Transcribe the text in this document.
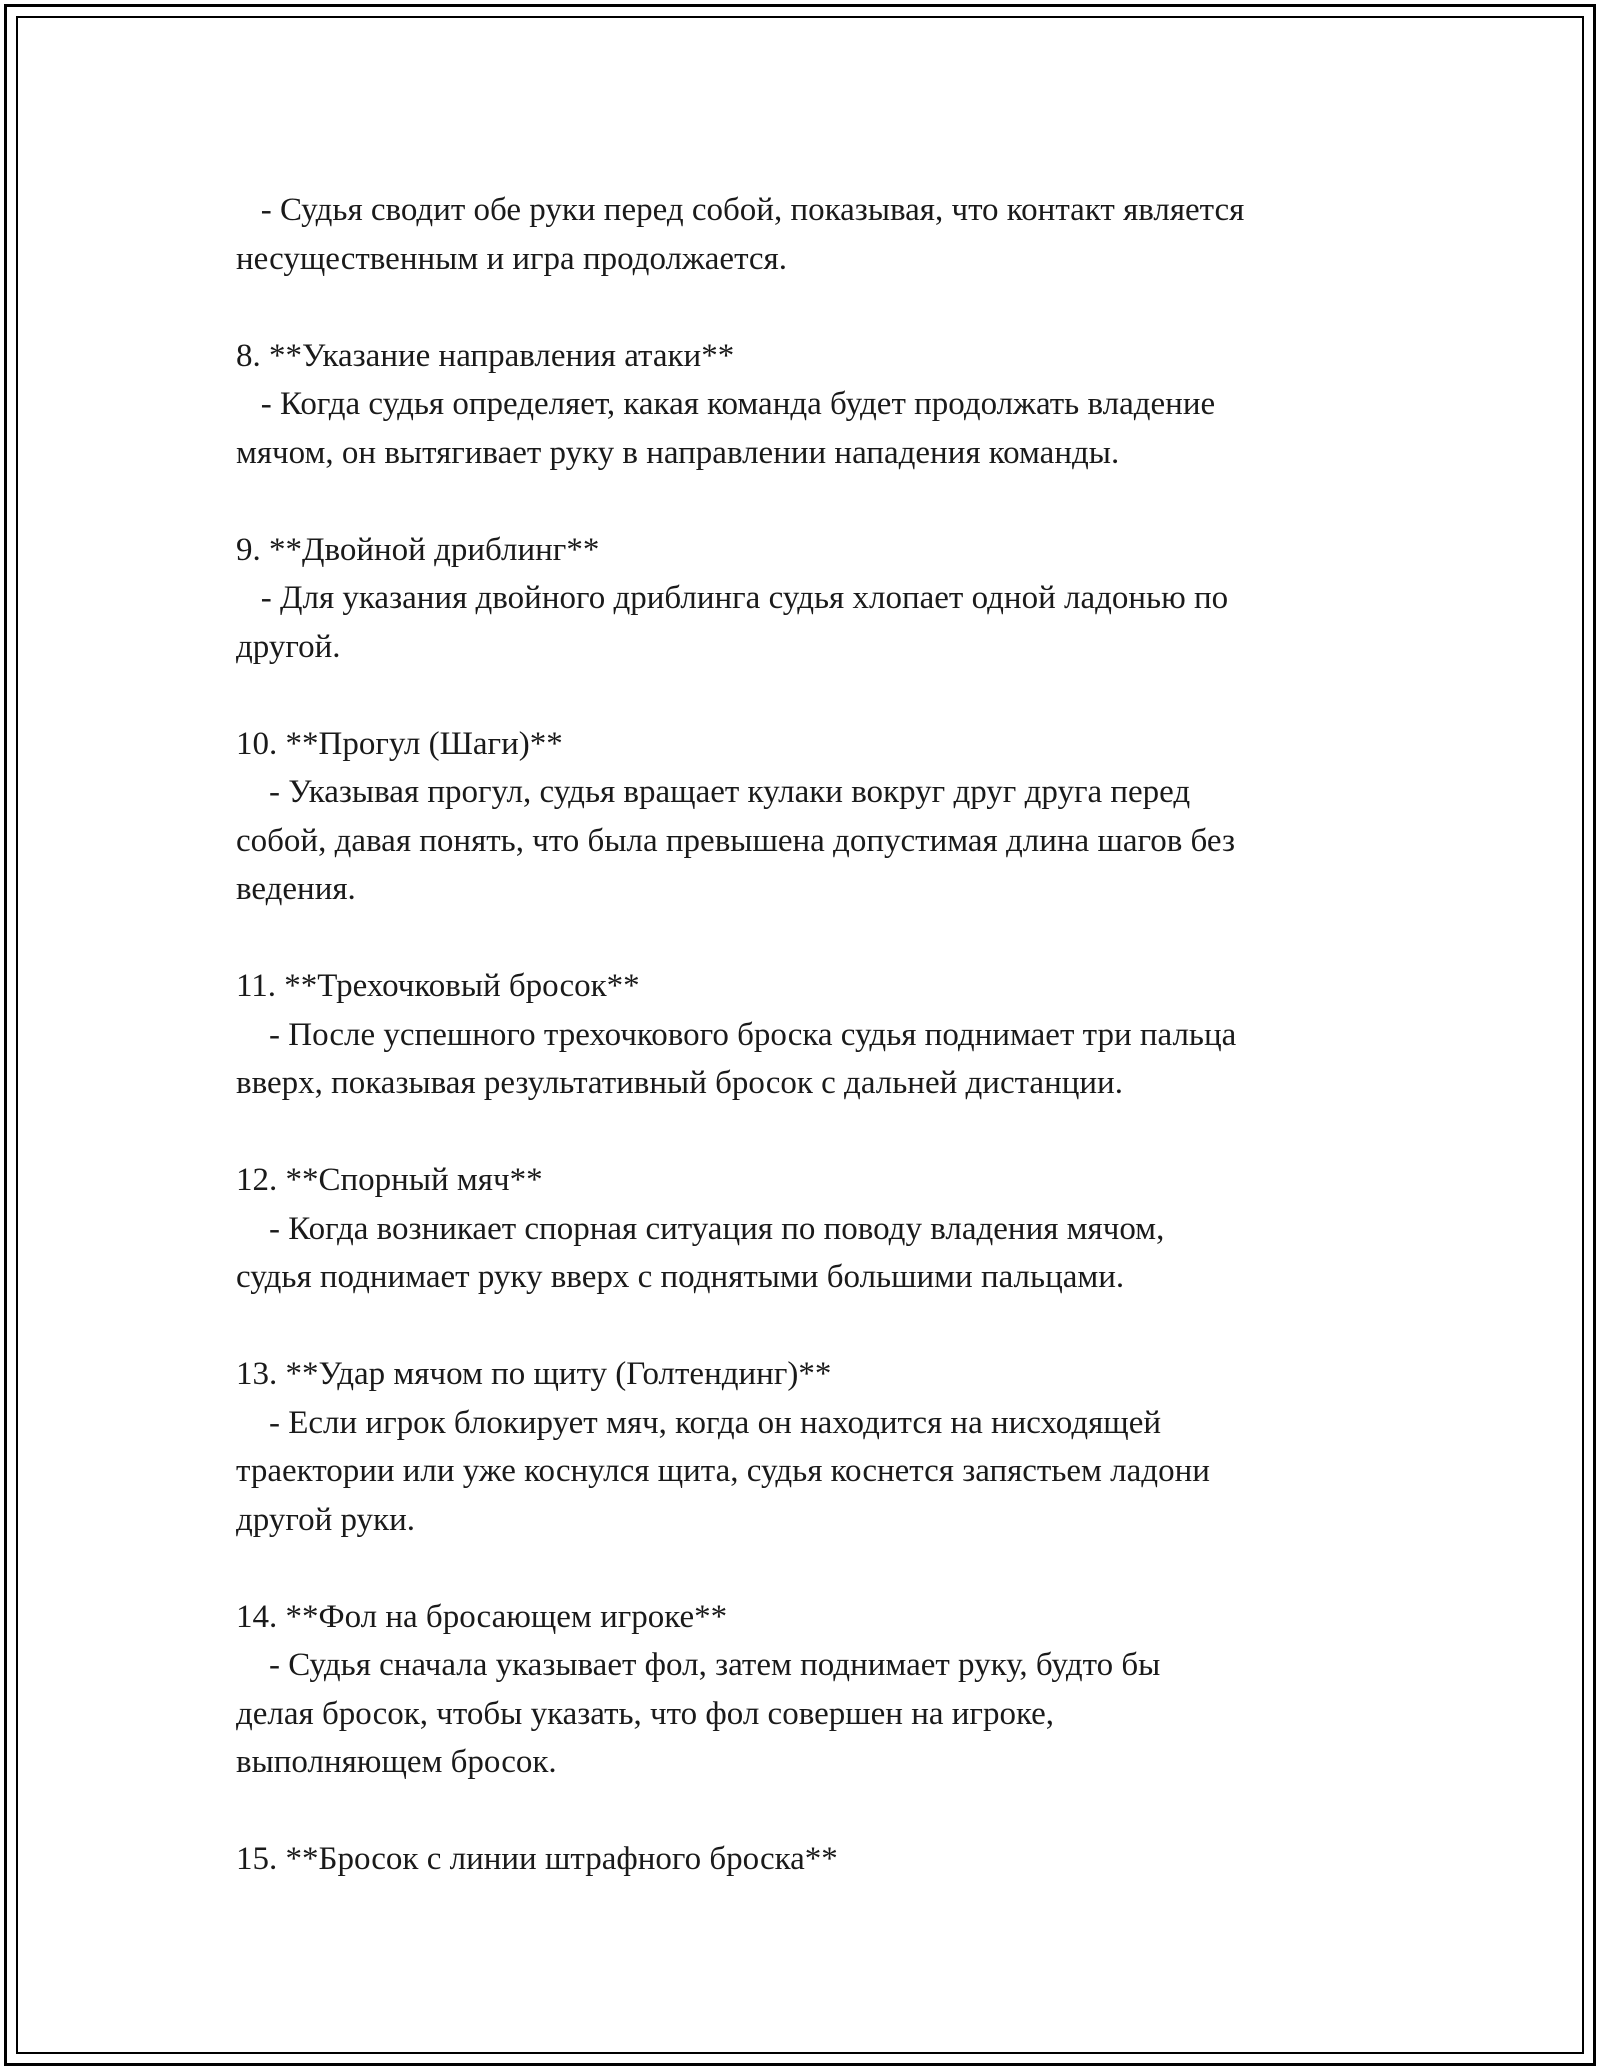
- Судья сводит обе руки перед собой, показывая, что контакт является
несущественным и игра продолжается.
8. **Указание направления атаки**
- Когда судья определяет, какая команда будет продолжать владение
мячом, он вытягивает руку в направлении нападения команды.
9. **Двойной дриблинг**
- Для указания двойного дриблинга судья хлопает одной ладонью по
другой.
10. **Прогул (Шаги)**
- Указывая прогул, судья вращает кулаки вокруг друг друга перед
собой, давая понять, что была превышена допустимая длина шагов без
ведения.
11. **Трехочковый бросок**
- После успешного трехочкового броска судья поднимает три пальца
вверх, показывая результативный бросок с дальней дистанции.
12. **Спорный мяч**
- Когда возникает спорная ситуация по поводу владения мячом,
судья поднимает руку вверх с поднятыми большими пальцами.
13. **Удар мячом по щиту (Голтендинг)**
- Если игрок блокирует мяч, когда он находится на нисходящей
траектории или уже коснулся щита, судья коснется запястьем ладони
другой руки.
14. **Фол на бросающем игроке**
- Судья сначала указывает фол, затем поднимает руку, будто бы
делая бросок, чтобы указать, что фол совершен на игроке,
выполняющем бросок.
15. **Бросок с линии штрафного броска**
